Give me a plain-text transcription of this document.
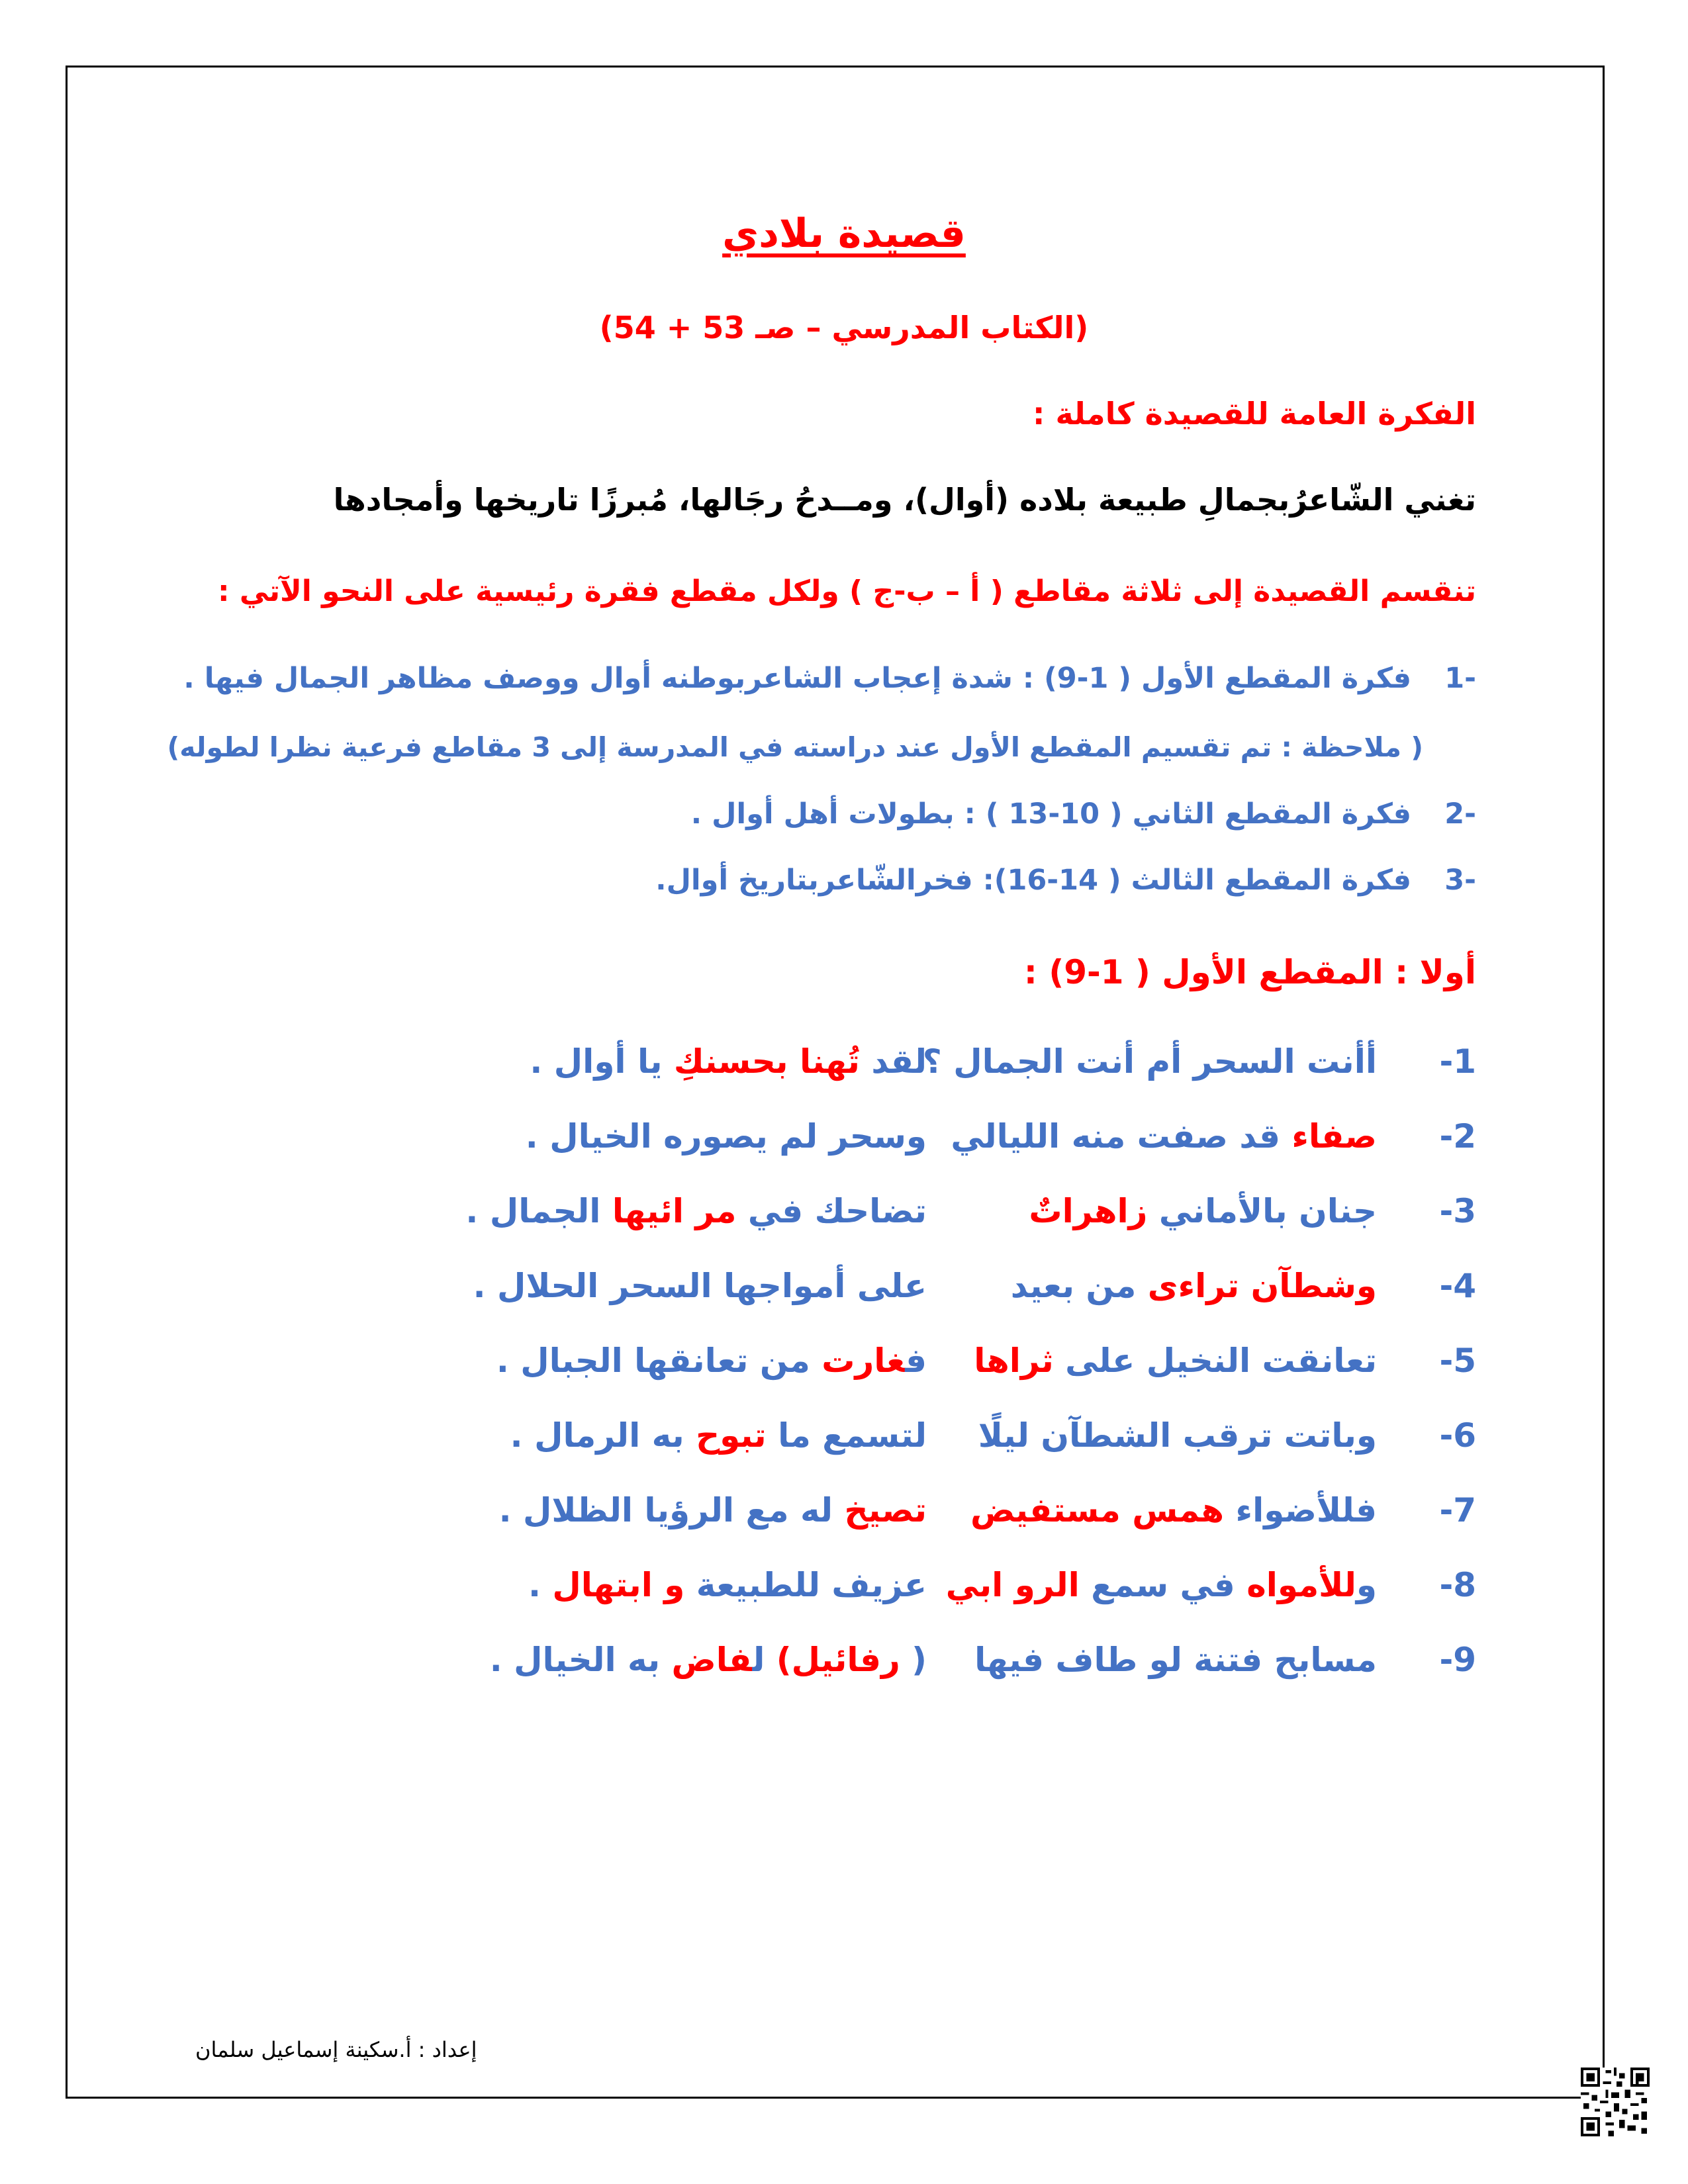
قصيدة بلادي
(الكتاب المدرسي – صـ 53 + 54)
الفكرة العامة للقصيدة كاملة :
تغني الشّاعرُبجمالِ طبيعة بلاده (أوال)، ومــدحُ رجَالها، مُبرزًا تاريخها وأمجادها
تنقسم القصيدة إلى ثلاثة مقاطع ( أ – ب-ج ) ولكل مقطع فقرة رئيسية على النحو الآتي :
-1فكرة المقطع الأول ( 1-9) : شدة إعجاب الشاعربوطنه أوال ووصف مظاهر الجمال فيها .
( ملاحظة : تم تقسيم المقطع الأول عند دراسته في المدرسة إلى 3 مقاطع فرعية نظرا لطوله)
-2فكرة المقطع الثاني ( 10-13 ) : بطولات أهل أوال .
-3فكرة المقطع الثالث ( 14-16): فخرالشّاعربتاريخ أوال.
أولا : المقطع الأول ( 1-9) :
-1
أأنت السحر أم أنت الجمال ؟
لقد تُهنا بحسنكِ يا أوال .
-2
صفاء قد صفت منه الليالي
وسحر لم يصوره الخيال .
-3
جنان بالأماني زاهراتٌ
تضاحك في مر ائيها الجمال .
-4
وشطآن تراءى من بعيد
على أمواجها السحر الحلال .
-5
تعانقت النخيل على ثراها
فغارت من تعانقها الجبال .
-6
وباتت ترقب الشطآن ليلًا
لتسمع ما تبوح به الرمال .
-7
فللأضواء همس مستفيض
تصيخ له مع الرؤيا الظلال .
-8
وللأمواه في سمع الرو ابي
عزيف للطبيعة و ابتهال .
-9
مسابح فتنة لو طاف فيها
( رفائيل) لفاض به الخيال .
إعداد : أ.سكينة إسماعيل سلمان
